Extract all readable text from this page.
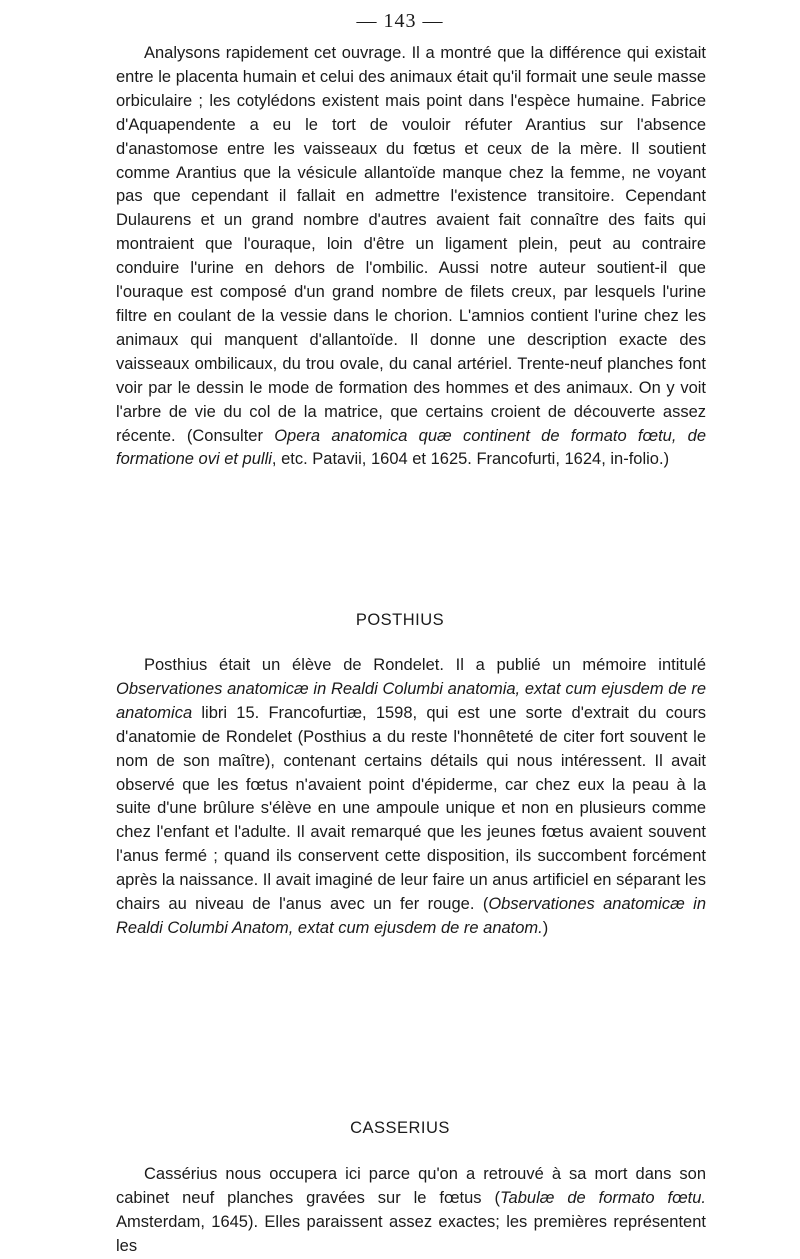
— 143 —

Analysons rapidement cet ouvrage. Il a montré que la différence qui existait entre le placenta humain et celui des animaux était qu'il formait une seule masse orbiculaire ; les cotylédons existent mais point dans l'espèce humaine. Fabrice d'Aquapendente a eu le tort de vouloir réfuter Arantius sur l'absence d'anastomose entre les vaisseaux du fœtus et ceux de la mère. Il soutient comme Arantius que la vésicule allantoïde manque chez la femme, ne voyant pas que cependant il fallait en admettre l'existence transitoire. Cependant Dulaurens et un grand nombre d'autres avaient fait connaître des faits qui montraient que l'ouraque, loin d'être un ligament plein, peut au contraire conduire l'urine en dehors de l'ombilic. Aussi notre auteur soutient-il que l'ouraque est composé d'un grand nombre de filets creux, par lesquels l'urine filtre en coulant de la vessie dans le chorion. L'amnios contient l'urine chez les animaux qui manquent d'allantoïde. Il donne une description exacte des vaisseaux ombilicaux, du trou ovale, du canal artériel. Trente-neuf planches font voir par le dessin le mode de formation des hommes et des animaux. On y voit l'arbre de vie du col de la matrice, que certains croient de découverte assez récente. (Consulter Opera anatomica quæ continent de formato fœtu, de formatione ovi et pulli, etc. Patavii, 1604 et 1625. Francofurti, 1624, in-folio.)

POSTHIUS

Posthius était un élève de Rondelet. Il a publié un mémoire intitulé Observationes anatomicæ in Realdi Columbi anatomia, extat cum ejusdem de re anatomica libri 15. Francofurtiæ, 1598, qui est une sorte d'extrait du cours d'anatomie de Rondelet (Posthius a du reste l'honnêteté de citer fort souvent le nom de son maître), contenant certains détails qui nous intéressent. Il avait observé que les fœtus n'avaient point d'épiderme, car chez eux la peau à la suite d'une brûlure s'élève en une ampoule unique et non en plusieurs comme chez l'enfant et l'adulte. Il avait remarqué que les jeunes fœtus avaient souvent l'anus fermé ; quand ils conservent cette disposition, ils succombent forcément après la naissance. Il avait imaginé de leur faire un anus artificiel en séparant les chairs au niveau de l'anus avec un fer rouge. (Observationes anatomicæ in Realdi Columbi Anatom, extat cum ejusdem de re anatom.)

CASSERIUS

Cassérius nous occupera ici parce qu'on a retrouvé à sa mort dans son cabinet neuf planches gravées sur le fœtus (Tabulæ de formato fœtu. Amsterdam, 1645). Elles paraissent assez exactes; les premières représentent les
